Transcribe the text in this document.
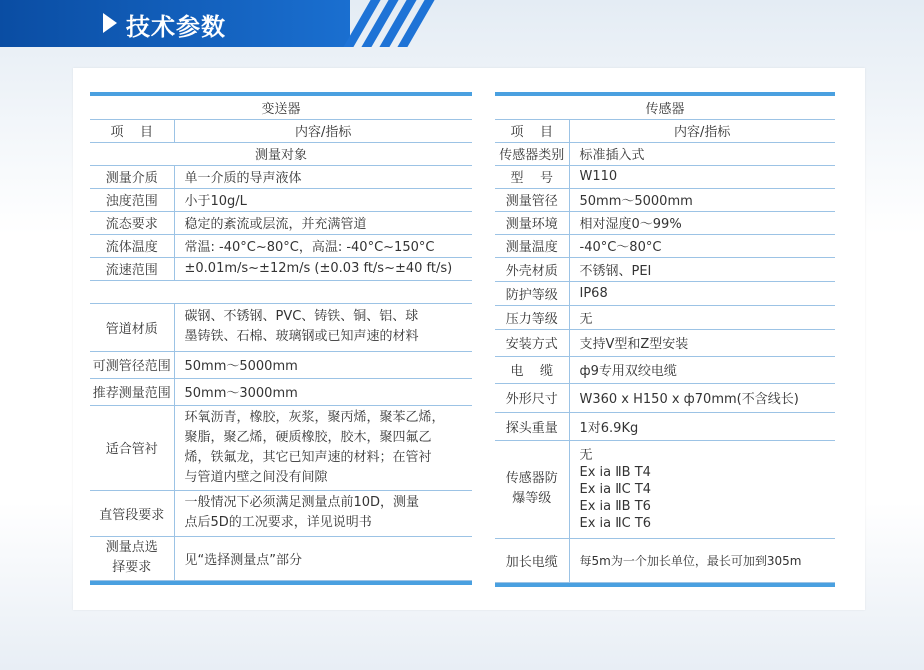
技术参数

变送器	
项    目	内容/指标
测量对象	
测量介质	单一介质的导声液体
浊度范围	小于10g/L
流态要求	稳定的紊流或层流，并充满管道
流体温度	常温: -40°C~80°C，高温: -40°C~150°C
流速范围	±0.01m/s~±12m/s (±0.03 ft/s~±40 ft/s)

管道材质	碳钢、不锈钢、PVC、铸铁、铜、铝、球
墨铸铁、石棉、玻璃钢或已知声速的材料

可测管径范围	50mm～5000mm
推荐测量范围	50mm～3000mm
适合管衬	环氧沥青，橡胶，灰浆，聚丙烯，聚苯乙烯，
聚脂，聚乙烯，硬质橡胶，胶木，聚四氟乙
烯，铁氟龙，其它已知声速的材料；在管衬
与管道内壁之间没有间隙

直管段要求	一般情况下必须满足测量点前10D，测量
点后5D的工况要求，详见说明书

测量点选
择要求	见“选择测量点”部分

传感器	
项    目	内容/指标
传感器类别	标准插入式
型    号	W110
测量管径	50mm～5000mm
测量环境	相对湿度0～99%
测量温度	-40°C～80°C
外壳材质	不锈钢、PEI
防护等级	IP68
压力等级	无
安装方式	支持V型和Z型安装
电    缆	ф9专用双绞电缆
外形尺寸	W360 x H150 x ф70mm(不含线长)
探头重量	1对6.9Kg

传感器防
爆等级	无
Ex ia ⅡB T4
Ex ia ⅡC T4
Ex ia ⅡB T6
Ex ia ⅡC T6

加长电缆	每5m为一个加长单位，最长可加到305m
